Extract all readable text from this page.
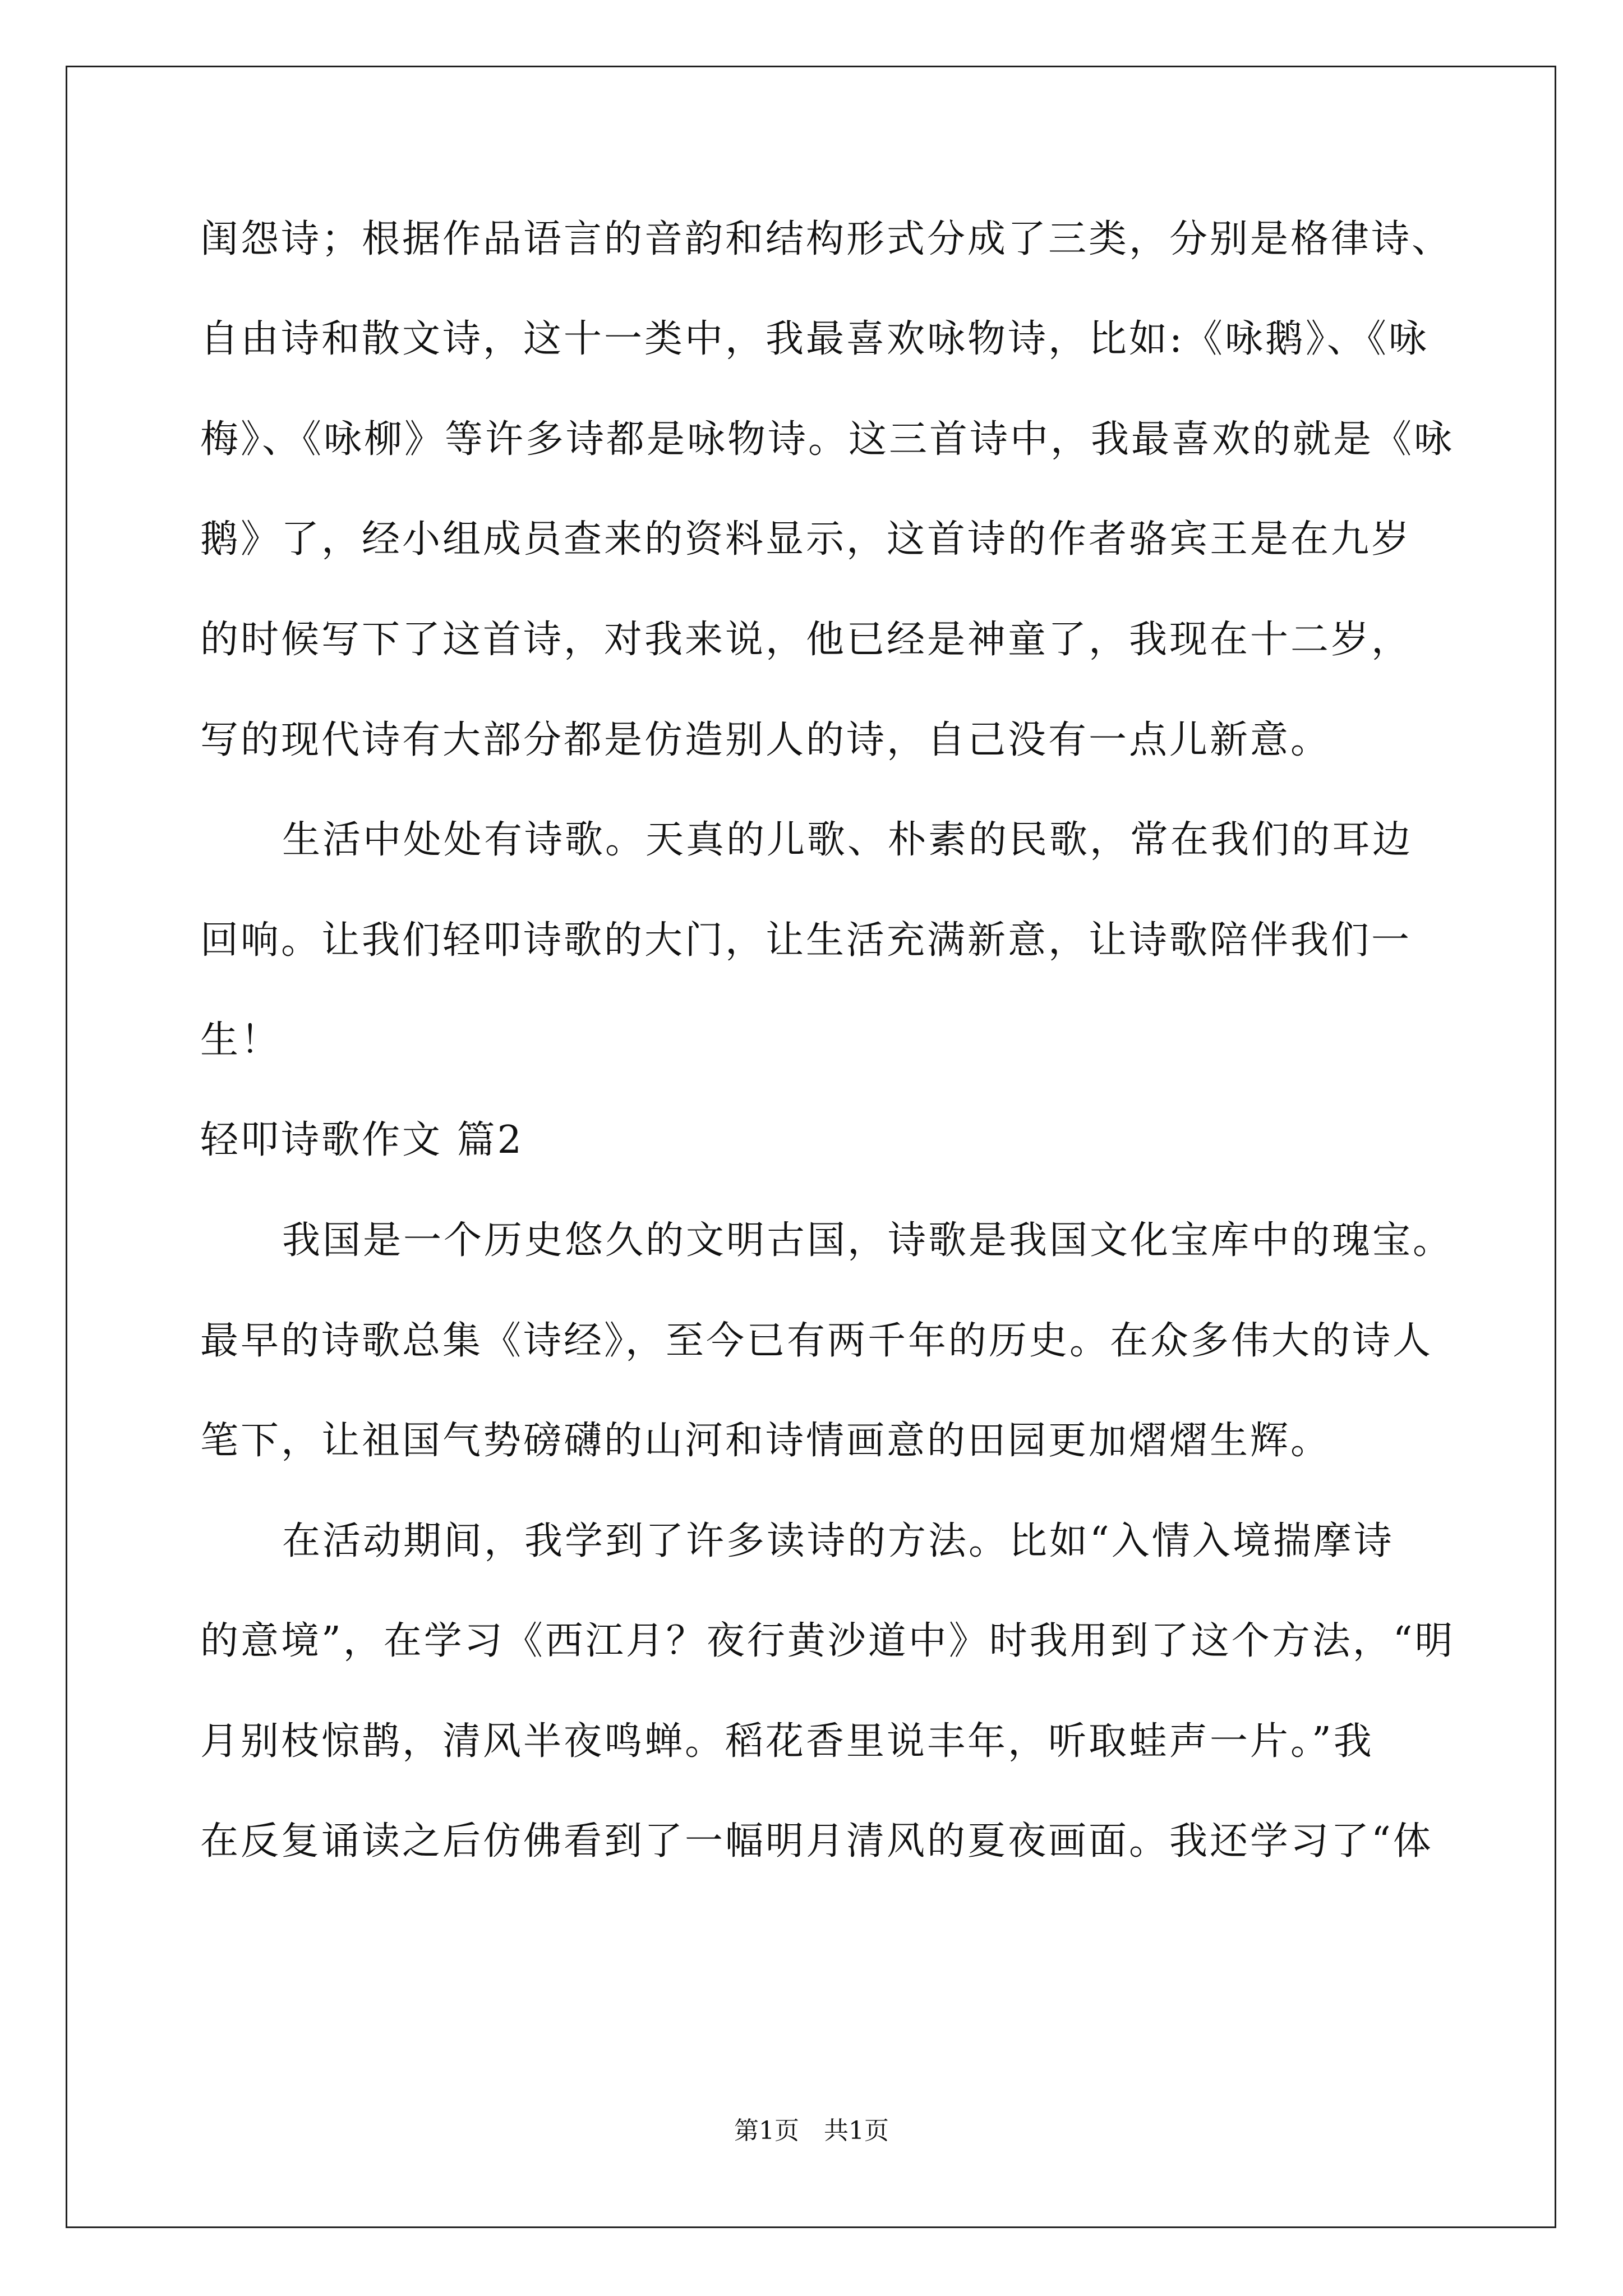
闺怨诗；根据作品语言的音韵和结构形式分成了三类，分别是格律诗、
自由诗和散文诗，这十一类中，我最喜欢咏物诗，比如:《咏鹅》、《咏
梅》、《咏柳》等许多诗都是咏物诗。这三首诗中，我最喜欢的就是《咏
鹅》了，经小组成员查来的资料显示，这首诗的作者骆宾王是在九岁
的时候写下了这首诗，对我来说，他已经是神童了，我现在十二岁，
写的现代诗有大部分都是仿造别人的诗，自己没有一点儿新意。
生活中处处有诗歌。天真的儿歌、朴素的民歌，常在我们的耳边
回响。让我们轻叩诗歌的大门，让生活充满新意，让诗歌陪伴我们一
生！
轻叩诗歌作文 篇2
我国是一个历史悠久的文明古国，诗歌是我国文化宝库中的瑰宝。
最早的诗歌总集《诗经》，至今已有两千年的历史。在众多伟大的诗人
笔下，让祖国气势磅礴的山河和诗情画意的田园更加熠熠生辉。
在活动期间，我学到了许多读诗的方法。比如“入情入境揣摩诗
的意境”，在学习《西江月？夜行黄沙道中》时我用到了这个方法，“明
月别枝惊鹊，清风半夜鸣蝉。稻花香里说丰年，听取蛙声一片。”我
在反复诵读之后仿佛看到了一幅明月清风的夏夜画面。我还学习了“体
第1页　共1页
